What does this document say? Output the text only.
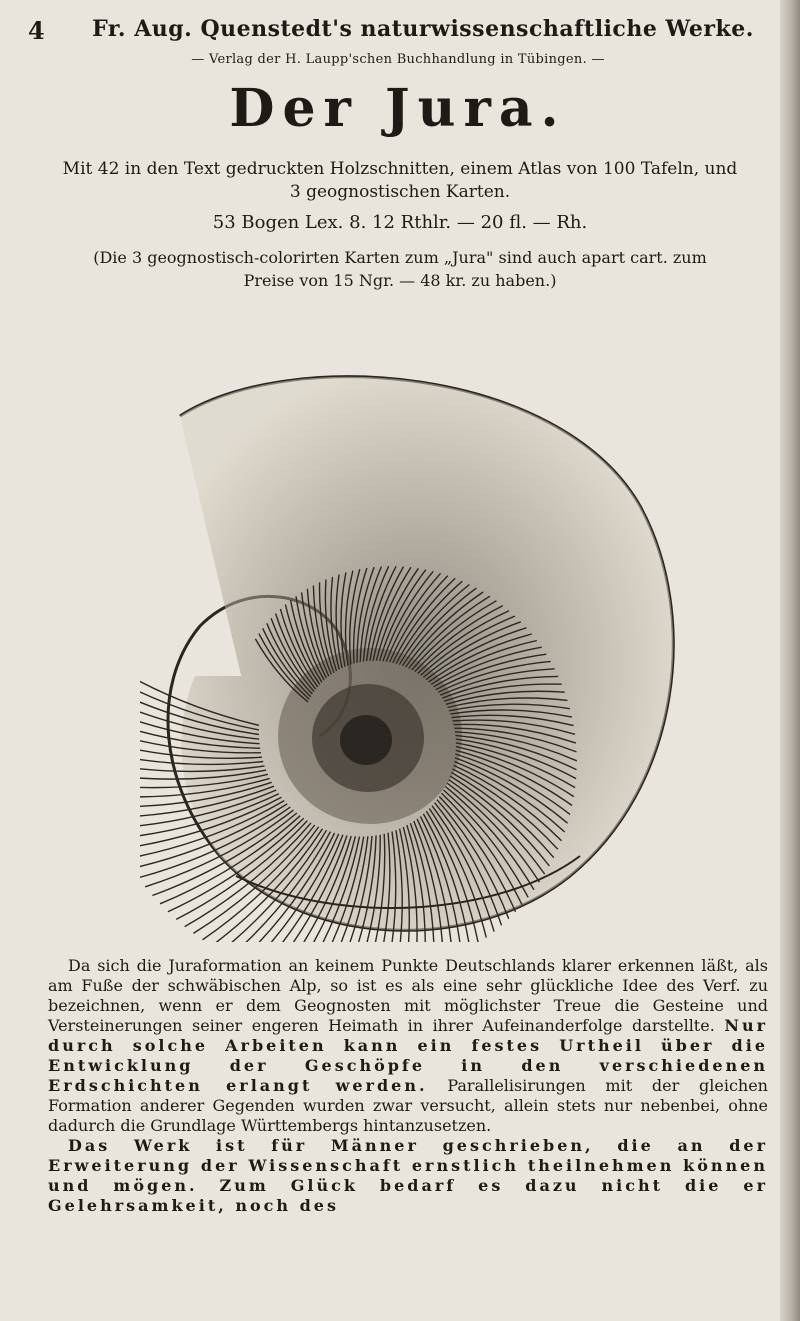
4 Fr. Aug. Quenstedt's naturwissenschaftliche Werke.
— Verlag der H. Laupp'schen Buchhandlung in Tübingen. —
Der Jura.
Mit 42 in den Text gedruckten Holzschnitten, einem Atlas von 100 Tafeln, und
3 geognostischen Karten.
53 Bogen Lex. 8. 12 Rthlr. — 20 fl. — Rh.
(Die 3 geognostisch-colorirten Karten zum „Jura" sind auch apart cart. zum
Preise von 15 Ngr. — 48 kr. zu haben.)

Da sich die Juraformation an keinem Punkte Deutschlands klarer erkennen läßt, als am Fuße der schwäbischen Alp, so ist es als eine sehr glückliche Idee des Verf. zu bezeichnen, wenn er dem Geognosten mit möglichster Treue die Gesteine und Versteinerungen seiner engeren Heimath in ihrer Aufeinanderfolge darstellte. Nur durch solche Arbeiten kann ein festes Urtheil über die Entwicklung der Geschöpfe in den verschiedenen Erdschichten erlangt werden. Parallelisirungen mit der gleichen Formation anderer Gegenden wurden zwar versucht, allein stets nur nebenbei, ohne dadurch die Grundlage Württembergs hintanzusetzen.

Das Werk ist für Männer geschrieben, die an der Erweiterung der Wissenschaft ernstlich theilnehmen können und mögen. Zum Glück bedarf es dazu nicht die er Gelehrsamkeit, noch des
